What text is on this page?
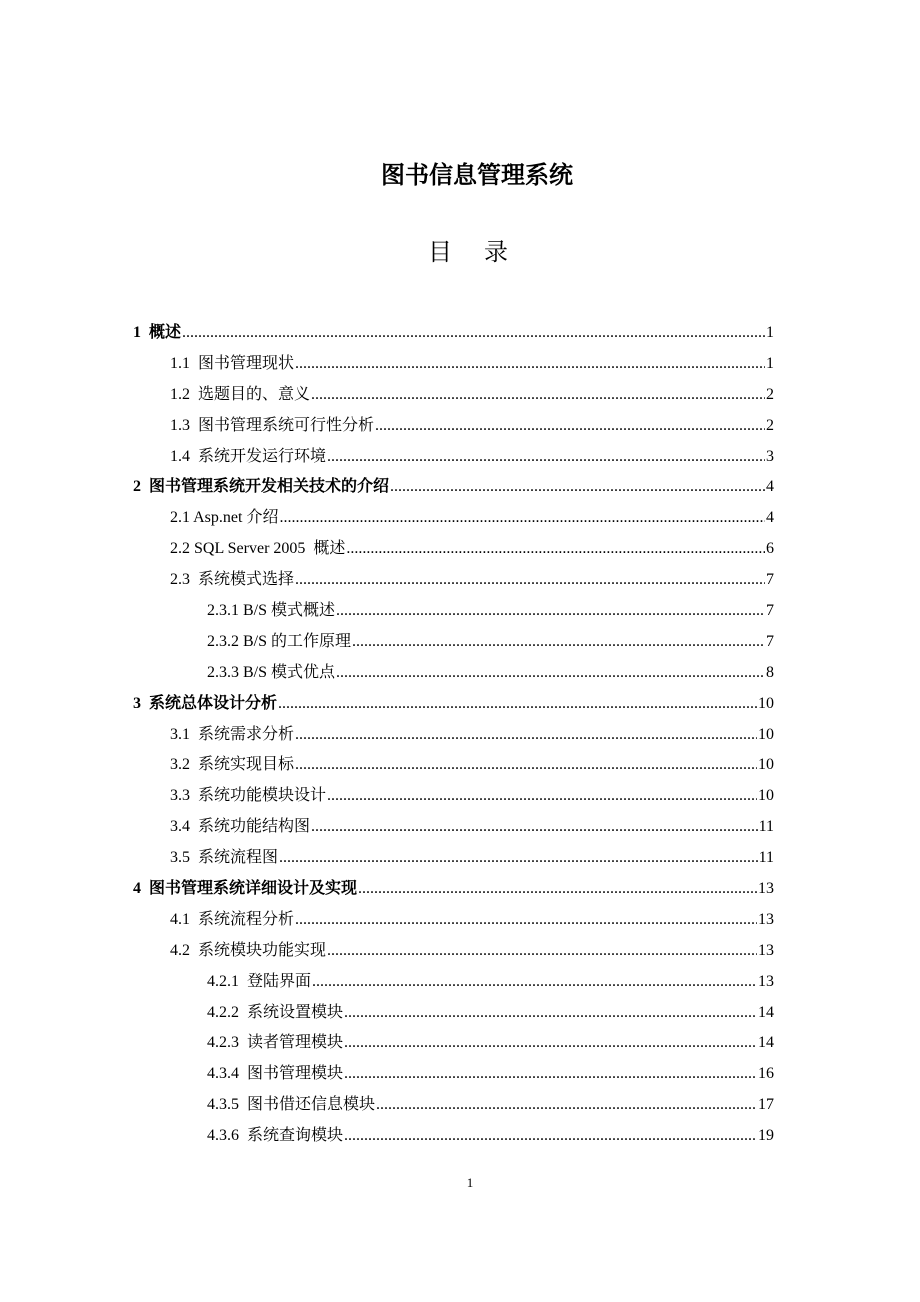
图书信息管理系统
目　录
1  概述 .....	1
1.1  图书管理现状 .....	1
1.2  选题目的、意义 .....	2
1.3  图书管理系统可行性分析 .....	2
1.4  系统开发运行环境 .....	3
2  图书管理系统开发相关技术的介绍 .....	4
2.1 Asp.net 介绍 .....	4
2.2 SQL Server 2005  概述 .....	6
2.3  系统模式选择 .....	7
2.3.1 B/S 模式概述 .....	7
2.3.2 B/S 的工作原理 .....	7
2.3.3 B/S 模式优点 .....	8
3  系统总体设计分析 .....	10
3.1  系统需求分析 .....	10
3.2  系统实现目标 .....	10
3.3  系统功能模块设计 .....	10
3.4  系统功能结构图 .....	11
3.5  系统流程图 .....	11
4  图书管理系统详细设计及实现 .....	13
4.1  系统流程分析 .....	13
4.2  系统模块功能实现 .....	13
4.2.1  登陆界面 .....	13
4.2.2  系统设置模块 .....	14
4.2.3  读者管理模块 .....	14
4.3.4  图书管理模块 .....	16
4.3.5  图书借还信息模块 .....	17
4.3.6  系统查询模块 .....	19
1
